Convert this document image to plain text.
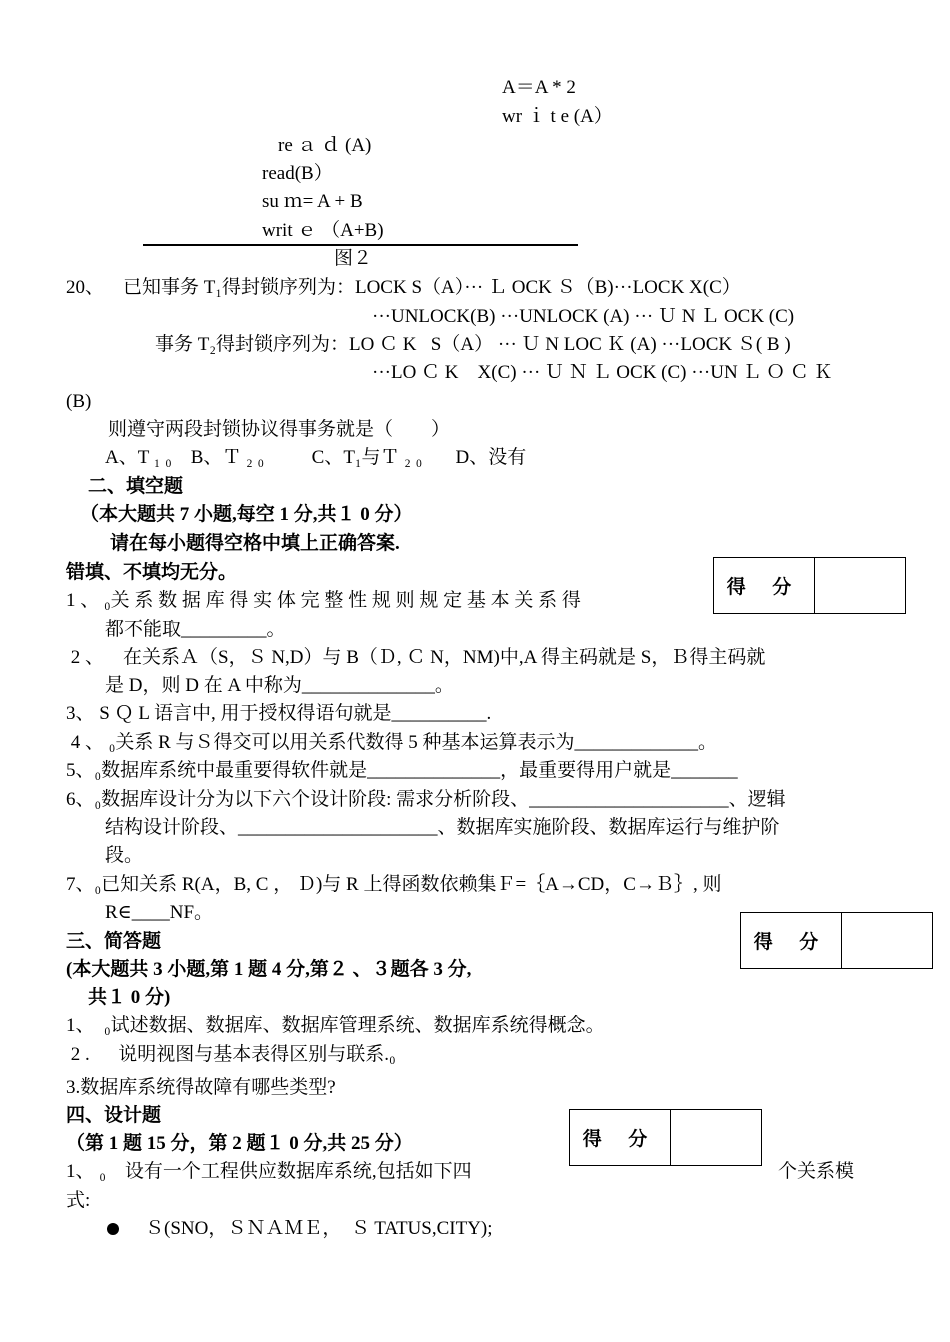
A＝A * 2
wr ｉ t e (A）
re ａ ｄ (A)
read(B）
su ｍ= A + B
writ ｅ （A+B)
图２
20、    已知事务 T₁得封锁序列为：LOCK S（A）··· Ｌ OCK Ｓ（B)···LOCK X(C）
···UNLOCK(B) ···UNLOCK (A) ··· Ｕ N Ｌ OCK (C)
事务 T₂得封锁序列为：LO Ｃ K   S（A） ··· Ｕ N LOC Ｋ (A) ···LOCK Ｓ( B )
···LO Ｃ K    X(C) ··· Ｕ Ｎ Ｌ OCK (C) ···UN Ｌ Ｏ Ｃ Ｋ
(B)
则遵守两段封锁协议得事务就是（        ）
A、T ₁ ₀    B、Ｔ ₂ ₀          C、T₁与Ｔ ₂ ₀       D、没有
二、填空题
（本大题共 7 小题,每空 1 分,共１ 0 分）
请在每小题得空格中填上正确答案.
错填、不填均无分。
得 分
1 、 ₀关 系 数 据 库 得 实 体 完 整 性 规 则 规 定 基 本 关 系 得
都不能取_________。
2 、    在关系Ａ（S，Ｓ N,D）与 B（Ｄ, Ｃ N，NM)中,A 得主码就是 S，Ｂ得主码就
是 D，则 D 在 A 中称为______________。
3、 S Ｑ L 语言中, 用于授权得语句就是__________.
4 、 ₀关系 R 与Ｓ得交可以用关系代数得 5 种基本运算表示为_____________。
5、₀数据库系统中最重要得软件就是______________，最重要得用户就是_______
6、₀数据库设计分为以下六个设计阶段: 需求分析阶段、_____________________、逻辑
结构设计阶段、_____________________、数据库实施阶段、数据库运行与维护阶
段。
7、₀已知关系 R(A，B, C ， Ｄ)与 R 上得函数依赖集Ｆ=｛A→CD，C→Ｂ｝, 则
R∈____NF。
三、简答题
(本大题共 3 小题,第 1 题 4 分,第２ 、３题各 3 分,
共１ 0 分)
得 分
1、  ₀试述数据、数据库、数据库管理系统、数据库系统得概念。
2 .      说明视图与基本表得区别与联系.₀
3.数据库系统得故障有哪些类型?
四、设计题
（第 1 题 15 分，第 2 题１ 0 分,共 25 分）	得 分
1、 ₀    设有一个工程供应数据库系统,包括如下四	个关系模
式:
Ｓ(SNO，ＳＮＡＭＥ，  Ｓ TATUS,CITY);
